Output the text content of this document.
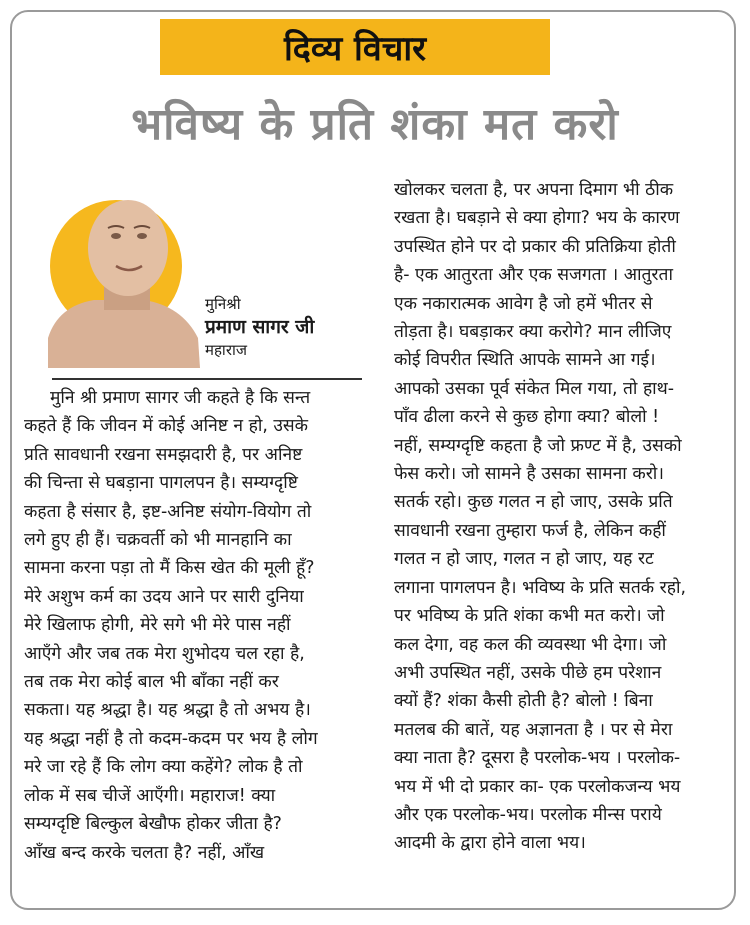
दिव्य विचार
भविष्य के प्रति शंका मत करो
मुनिश्री
प्रमाण सागर जी
महाराज
मुनि श्री प्रमाण सागर जी कहते है कि सन्त
कहते हैं कि जीवन में कोई अनिष्ट न हो, उसके
प्रति सावधानी रखना समझदारी है, पर अनिष्ट
की चिन्ता से घबड़ाना पागलपन है। सम्यग्दृष्टि
कहता है संसार है, इष्ट-अनिष्ट संयोग-वियोग तो
लगे हुए ही हैं। चक्रवर्ती को भी मानहानि का
सामना करना पड़ा तो मैं किस खेत की मूली हूँ?
मेरे अशुभ कर्म का उदय आने पर सारी दुनिया
मेरे खिलाफ होगी, मेरे सगे भी मेरे पास नहीं
आएँगे और जब तक मेरा शुभोदय चल रहा है,
तब तक मेरा कोई बाल भी बाँका नहीं कर
सकता। यह श्रद्धा है। यह श्रद्धा है तो अभय है।
यह श्रद्धा नहीं है तो कदम-कदम पर भय है लोग
मरे जा रहे हैं कि लोग क्या कहेंगे? लोक है तो
लोक में सब चीजें आएँगी। महाराज! क्या
सम्यग्दृष्टि बिल्कुल बेखौफ होकर जीता है?
आँख बन्द करके चलता है? नहीं, आँख
खोलकर चलता है, पर अपना दिमाग भी ठीक
रखता है। घबड़ाने से क्या होगा? भय के कारण
उपस्थित होने पर दो प्रकार की प्रतिक्रिया होती
है- एक आतुरता और एक सजगता । आतुरता
एक नकारात्मक आवेग है जो हमें भीतर से
तोड़ता है। घबड़ाकर क्या करोगे? मान लीजिए
कोई विपरीत स्थिति आपके सामने आ गई।
आपको उसका पूर्व संकेत मिल गया, तो हाथ-
पाँव ढीला करने से कुछ होगा क्या? बोलो !
नहीं, सम्यग्दृष्टि कहता है जो फ्रण्ट में है, उसको
फेस करो। जो सामने है उसका सामना करो।
सतर्क रहो। कुछ गलत न हो जाए, उसके प्रति
सावधानी रखना तुम्हारा फर्ज है, लेकिन कहीं
गलत न हो जाए, गलत न हो जाए, यह रट
लगाना पागलपन है। भविष्य के प्रति सतर्क रहो,
पर भविष्य के प्रति शंका कभी मत करो। जो
कल देगा, वह कल की व्यवस्था भी देगा। जो
अभी उपस्थित नहीं, उसके पीछे हम परेशान
क्यों हैं? शंका कैसी होती है? बोलो ! बिना
मतलब की बातें, यह अज्ञानता है । पर से मेरा
क्या नाता है? दूसरा है परलोक-भय । परलोक-
भय में भी दो प्रकार का- एक परलोकजन्य भय
और एक परलोक-भय। परलोक मीन्स पराये
आदमी के द्वारा होने वाला भय।
